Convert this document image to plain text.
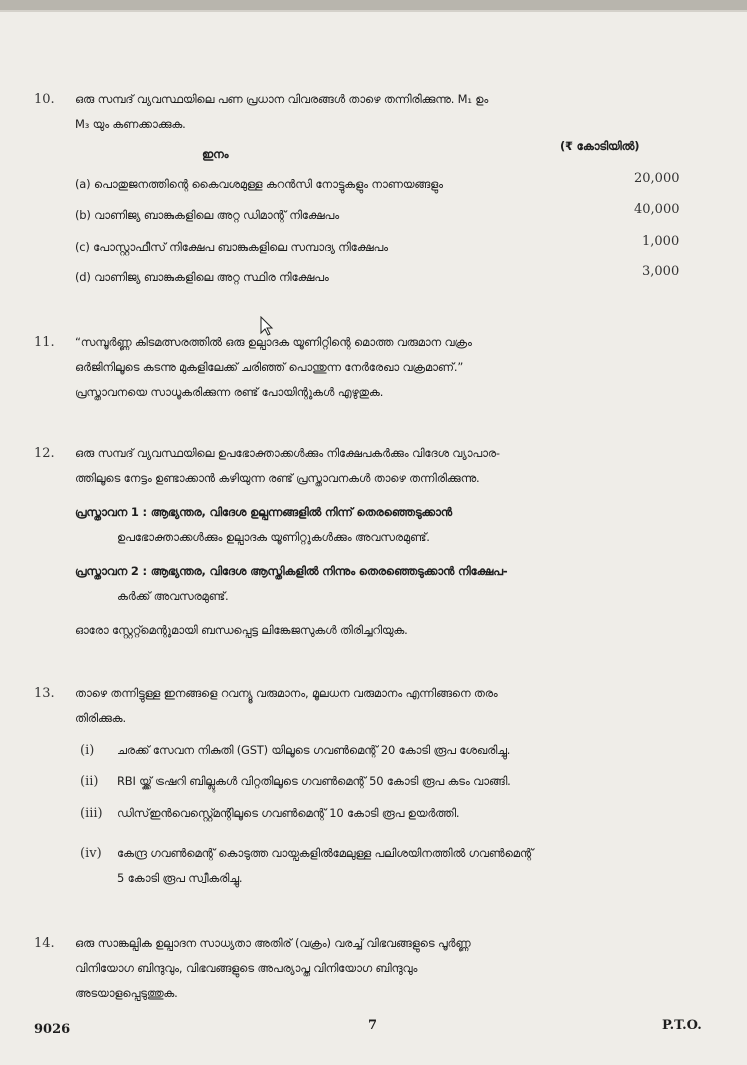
10. ഒരു സമ്പദ് വ്യവസ്ഥയിലെ പണ പ്രധാന വിവരങ്ങൾ താഴെ തന്നിരിക്കുന്നു. M₁ ഉം
M₃ യും കണക്കാക്കുക.
ഇനം
(₹ കോടിയിൽ)
(a) പൊതുജനത്തിന്റെ കൈവശമുള്ള കറൻസി നോട്ടുകളും നാണയങ്ങളും	20,000
(b) വാണിജ്യ ബാങ്കുകളിലെ അറ്റ ഡിമാന്റ് നിക്ഷേപം	40,000
(c) പോസ്റ്റാഫീസ് നിക്ഷേപ ബാങ്കുകളിലെ സമ്പാദ്യ നിക്ഷേപം	1,000
(d) വാണിജ്യ ബാങ്കുകളിലെ അറ്റ സ്ഥിര നിക്ഷേപം	3,000
11. “സമ്പൂർണ്ണ കിടമത്സരത്തിൽ ഒരു ഉല്പാദക യൂണിറ്റിന്റെ മൊത്ത വരുമാന വക്രം
ഒർജിനിലൂടെ കടന്നു മുകളിലേക്ക് ചരിഞ്ഞ് പൊന്തുന്ന നേർരേഖാ വക്രമാണ്.”
പ്രസ്താവനയെ സാധൂകരിക്കുന്ന രണ്ട് പോയിന്റുകൾ എഴുതുക.
12. ഒരു സമ്പദ് വ്യവസ്ഥയിലെ ഉപഭോക്താക്കൾക്കും നിക്ഷേപകർക്കും വിദേശ വ്യാപാര-
ത്തിലൂടെ നേട്ടം ഉണ്ടാക്കാൻ കഴിയുന്ന രണ്ട് പ്രസ്താവനകൾ താഴെ തന്നിരിക്കുന്നു.
പ്രസ്താവന 1 : ആഭ്യന്തര, വിദേശ ഉല്പന്നങ്ങളിൽ നിന്ന് തെരഞ്ഞെടുക്കാൻ
ഉപഭോക്താക്കൾക്കും ഉല്പാദക യൂണിറ്റുകൾക്കും അവസരമുണ്ട്.
പ്രസ്താവന 2 : ആഭ്യന്തര, വിദേശ ആസ്തികളിൽ നിന്നും തെരഞ്ഞെടുക്കാൻ നിക്ഷേപ-
കർക്ക് അവസരമുണ്ട്.
ഓരോ സ്റ്റേറ്റ്മെന്റുമായി ബന്ധപ്പെട്ട ലിങ്കേജസുകൾ തിരിച്ചറിയുക.
13. താഴെ തന്നിട്ടുള്ള ഇനങ്ങളെ റവന്യൂ വരുമാനം, മൂലധന വരുമാനം എന്നിങ്ങനെ തരം
തിരിക്കുക.
(i) ചരക്ക് സേവന നികുതി (GST) യിലൂടെ ഗവൺമെന്റ് 20 കോടി രൂപ ശേഖരിച്ചു.
(ii) RBI യ്ക്ക് ട്രഷറി ബില്ലുകൾ വിറ്റതിലൂടെ ഗവൺമെന്റ് 50 കോടി രൂപ കടം വാങ്ങി.
(iii) ഡിസ്ഇൻവെസ്റ്റ്മെന്റിലൂടെ ഗവൺമെന്റ് 10 കോടി രൂപ ഉയർത്തി.
(iv) കേന്ദ്ര ഗവൺമെന്റ് കൊടുത്ത വായ്പകളിൽമേലുള്ള പലിശയിനത്തിൽ ഗവൺമെന്റ്
5 കോടി രൂപ സ്വീകരിച്ചു.
14. ഒരു സാങ്കല്പിക ഉല്പാദന സാധ്യതാ അതിര് (വക്രം) വരച്ച് വിഭവങ്ങളുടെ പൂർണ്ണ
വിനിയോഗ ബിന്ദുവും, വിഭവങ്ങളുടെ അപര്യാപ്ത വിനിയോഗ ബിന്ദുവും
അടയാളപ്പെടുത്തുക.
9026	7	P.T.O.
